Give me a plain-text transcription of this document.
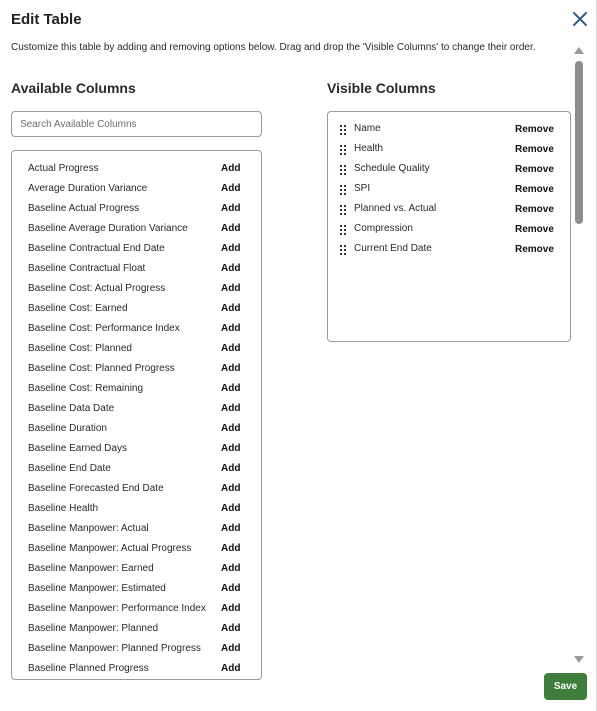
Edit Table
Customize this table by adding and removing options below. Drag and drop the 'Visible Columns' to change their order.
Available Columns	Visible Columns
Search Available Columns
Actual Progress	Add
Average Duration Variance	Add
Baseline Actual Progress	Add
Baseline Average Duration Variance	Add
Baseline Contractual End Date	Add
Baseline Contractual Float	Add
Baseline Cost: Actual Progress	Add
Baseline Cost: Earned	Add
Baseline Cost: Performance Index	Add
Baseline Cost: Planned	Add
Baseline Cost: Planned Progress	Add
Baseline Cost: Remaining	Add
Baseline Data Date	Add
Baseline Duration	Add
Baseline Earned Days	Add
Baseline End Date	Add
Baseline Forecasted End Date	Add
Baseline Health	Add
Baseline Manpower: Actual	Add
Baseline Manpower: Actual Progress	Add
Baseline Manpower: Earned	Add
Baseline Manpower: Estimated	Add
Baseline Manpower: Performance Index Add
Baseline Manpower: Planned	Add
Baseline Manpower: Planned Progress Add
Baseline Planned Progress	Add
Name	Remove
Health	Remove
Schedule Quality	Remove
SPI	Remove
Planned vs. Actual	Remove
Compression	Remove
Current End Date	Remove
Save
